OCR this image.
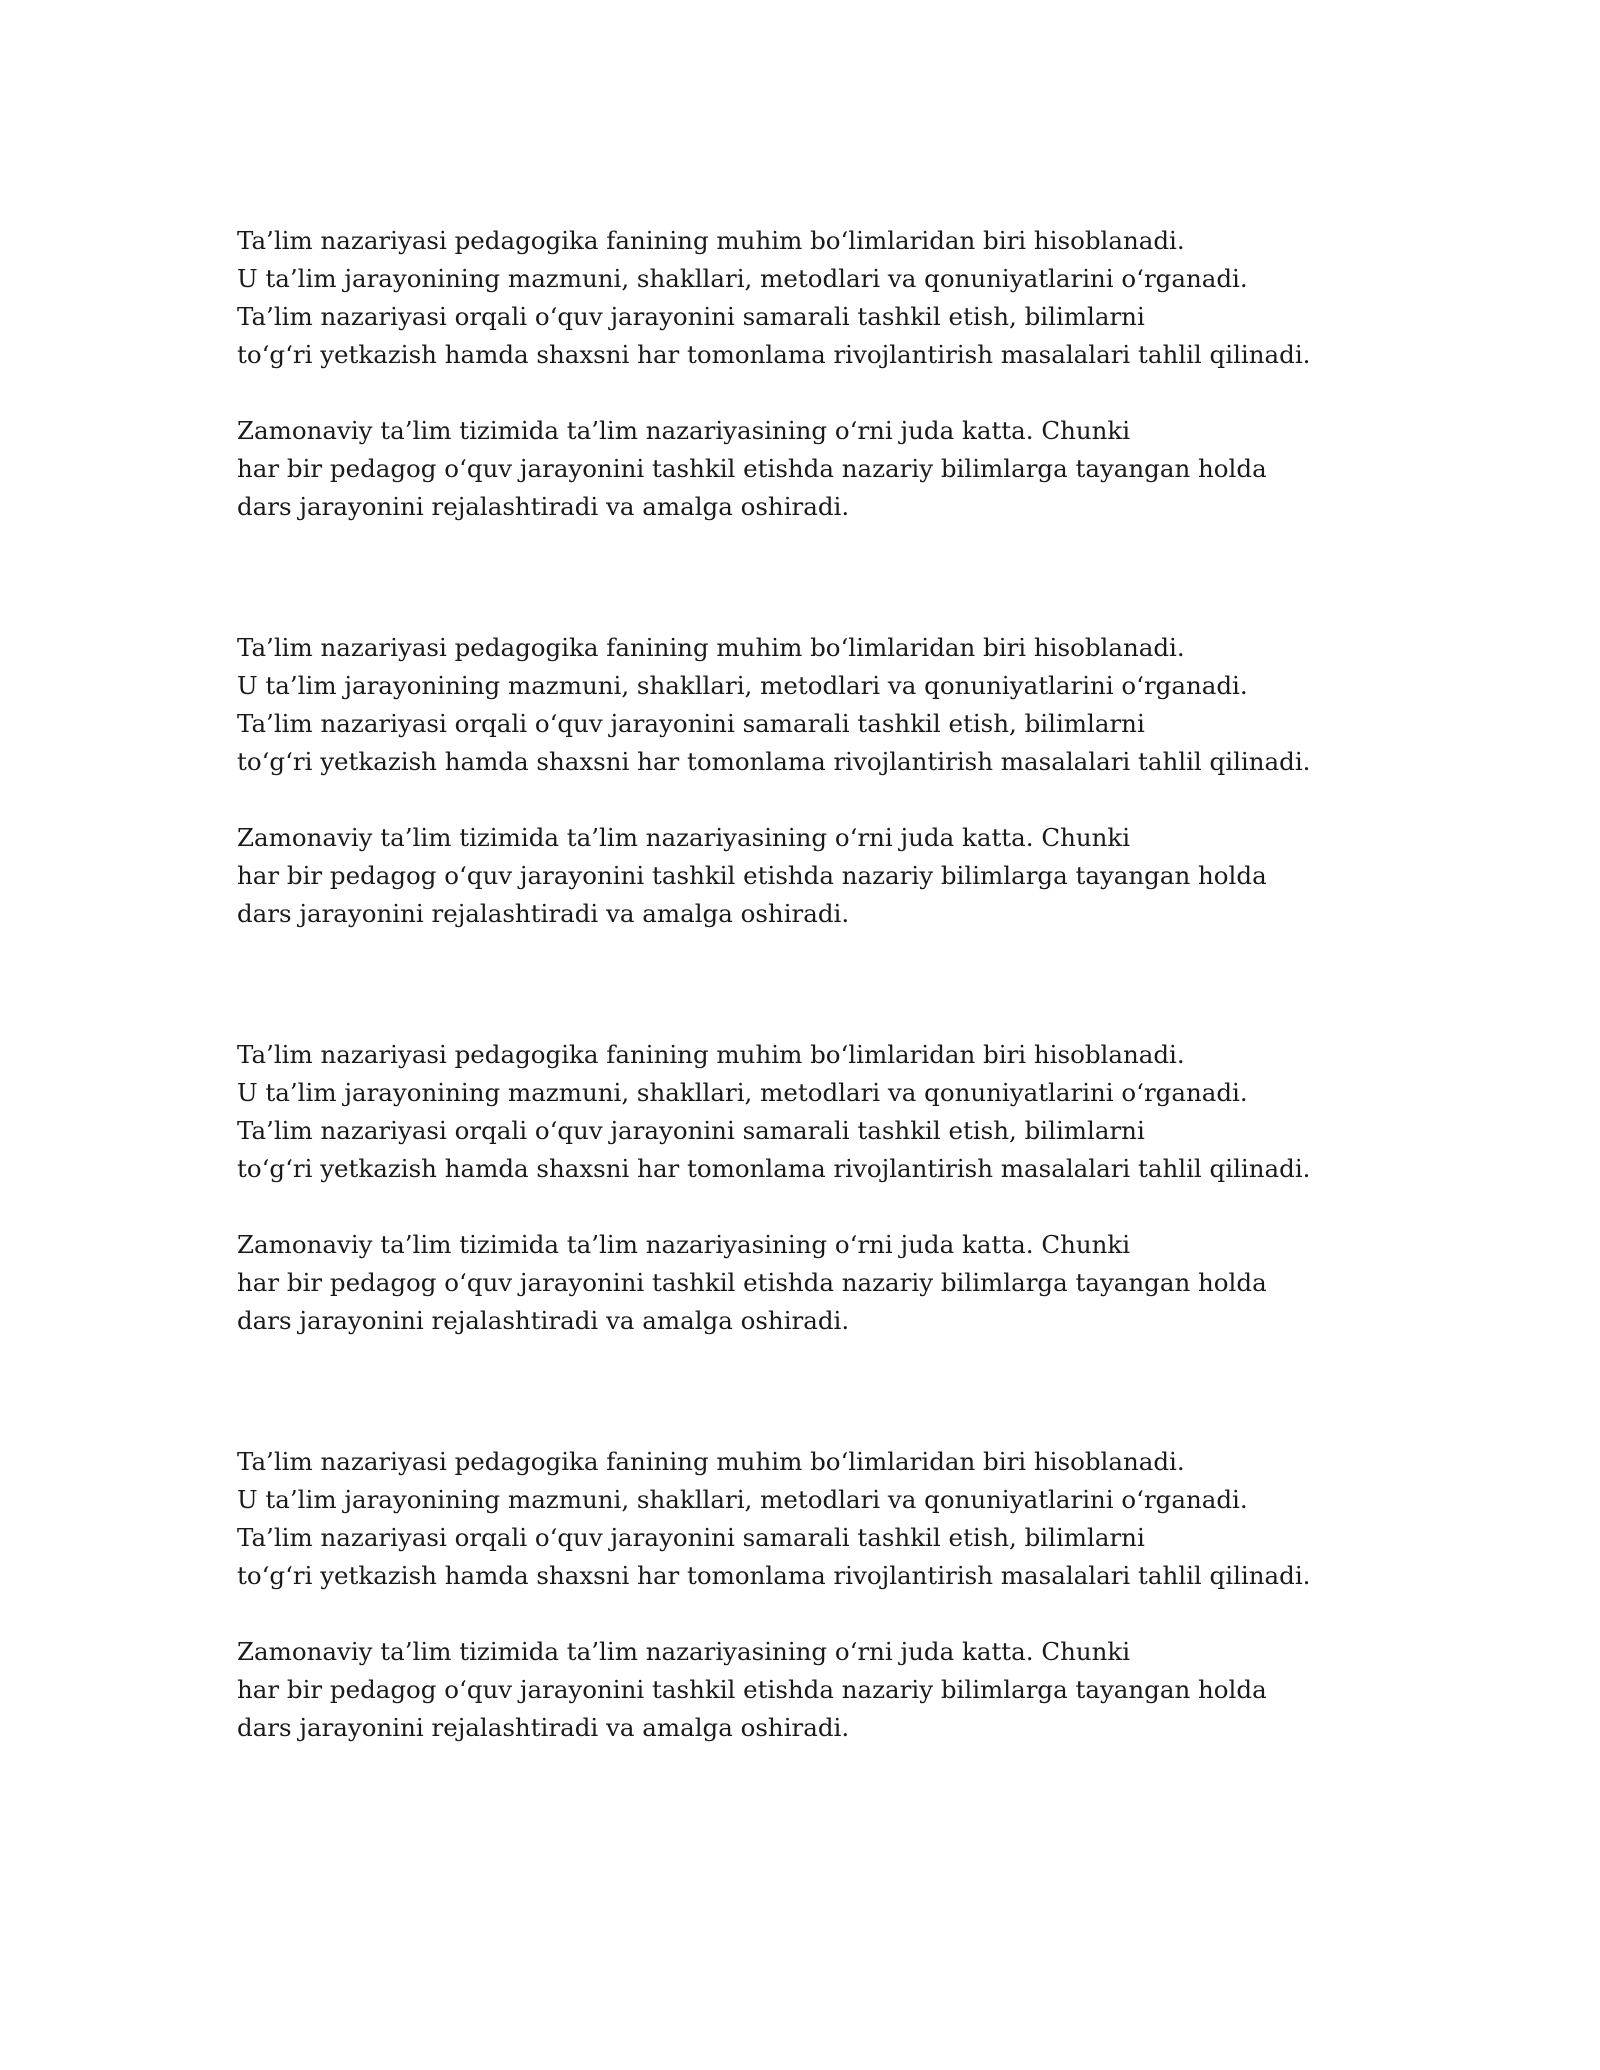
Ta’lim nazariyasi pedagogika fanining muhim boʻlimlaridan biri hisoblanadi.
U ta’lim jarayonining mazmuni, shakllari, metodlari va qonuniyatlarini oʻrganadi.
Ta’lim nazariyasi orqali oʻquv jarayonini samarali tashkil etish, bilimlarni
toʻgʻri yetkazish hamda shaxsni har tomonlama rivojlantirish masalalari tahlil qilinadi.

Zamonaviy ta’lim tizimida ta’lim nazariyasining oʻrni juda katta. Chunki
har bir pedagog oʻquv jarayonini tashkil etishda nazariy bilimlarga tayangan holda
dars jarayonini rejalashtiradi va amalga oshiradi.

Ta’lim nazariyasi pedagogika fanining muhim boʻlimlaridan biri hisoblanadi.
U ta’lim jarayonining mazmuni, shakllari, metodlari va qonuniyatlarini oʻrganadi.
Ta’lim nazariyasi orqali oʻquv jarayonini samarali tashkil etish, bilimlarni
toʻgʻri yetkazish hamda shaxsni har tomonlama rivojlantirish masalalari tahlil qilinadi.

Zamonaviy ta’lim tizimida ta’lim nazariyasining oʻrni juda katta. Chunki
har bir pedagog oʻquv jarayonini tashkil etishda nazariy bilimlarga tayangan holda
dars jarayonini rejalashtiradi va amalga oshiradi.

Ta’lim nazariyasi pedagogika fanining muhim boʻlimlaridan biri hisoblanadi.
U ta’lim jarayonining mazmuni, shakllari, metodlari va qonuniyatlarini oʻrganadi.
Ta’lim nazariyasi orqali oʻquv jarayonini samarali tashkil etish, bilimlarni
toʻgʻri yetkazish hamda shaxsni har tomonlama rivojlantirish masalalari tahlil qilinadi.

Zamonaviy ta’lim tizimida ta’lim nazariyasining oʻrni juda katta. Chunki
har bir pedagog oʻquv jarayonini tashkil etishda nazariy bilimlarga tayangan holda
dars jarayonini rejalashtiradi va amalga oshiradi.

Ta’lim nazariyasi pedagogika fanining muhim boʻlimlaridan biri hisoblanadi.
U ta’lim jarayonining mazmuni, shakllari, metodlari va qonuniyatlarini oʻrganadi.
Ta’lim nazariyasi orqali oʻquv jarayonini samarali tashkil etish, bilimlarni
toʻgʻri yetkazish hamda shaxsni har tomonlama rivojlantirish masalalari tahlil qilinadi.

Zamonaviy ta’lim tizimida ta’lim nazariyasining oʻrni juda katta. Chunki
har bir pedagog oʻquv jarayonini tashkil etishda nazariy bilimlarga tayangan holda
dars jarayonini rejalashtiradi va amalga oshiradi.
